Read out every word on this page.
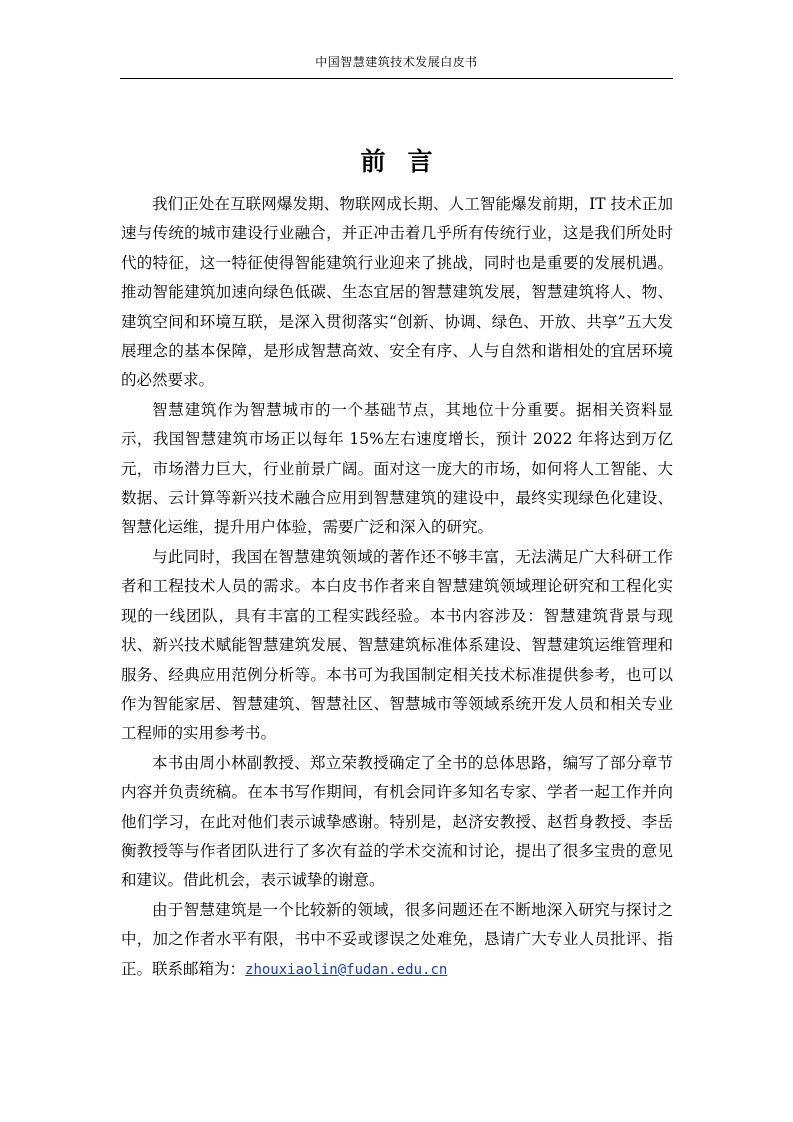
中国智慧建筑技术发展白皮书
前言

我们正处在互联网爆发期、物联网成长期、人工智能爆发前期，IT 技术正加速与传统的城市建设行业融合，并正冲击着几乎所有传统行业，这是我们所处时代的特征，这一特征使得智能建筑行业迎来了挑战，同时也是重要的发展机遇。推动智能建筑加速向绿色低碳、生态宜居的智慧建筑发展，智慧建筑将人、物、建筑空间和环境互联，是深入贯彻落实“创新、协调、绿色、开放、共享”五大发展理念的基本保障，是形成智慧高效、安全有序、人与自然和谐相处的宜居环境的必然要求。

智慧建筑作为智慧城市的一个基础节点，其地位十分重要。据相关资料显示，我国智慧建筑市场正以每年 15%左右速度增长，预计 2022 年将达到万亿元，市场潜力巨大，行业前景广阔。面对这一庞大的市场，如何将人工智能、大数据、云计算等新兴技术融合应用到智慧建筑的建设中，最终实现绿色化建设、智慧化运维，提升用户体验，需要广泛和深入的研究。

与此同时，我国在智慧建筑领域的著作还不够丰富，无法满足广大科研工作者和工程技术人员的需求。本白皮书作者来自智慧建筑领域理论研究和工程化实现的一线团队，具有丰富的工程实践经验。本书内容涉及：智慧建筑背景与现状、新兴技术赋能智慧建筑发展、智慧建筑标准体系建设、智慧建筑运维管理和服务、经典应用范例分析等。本书可为我国制定相关技术标准提供参考，也可以作为智能家居、智慧建筑、智慧社区、智慧城市等领域系统开发人员和相关专业工程师的实用参考书。

本书由周小林副教授、郑立荣教授确定了全书的总体思路，编写了部分章节内容并负责统稿。在本书写作期间，有机会同许多知名专家、学者一起工作并向他们学习，在此对他们表示诚挚感谢。特别是，赵济安教授、赵哲身教授、李岳衡教授等与作者团队进行了多次有益的学术交流和讨论，提出了很多宝贵的意见和建议。借此机会，表示诚挚的谢意。

由于智慧建筑是一个比较新的领域，很多问题还在不断地深入研究与探讨之中，加之作者水平有限，书中不妥或谬误之处难免，恳请广大专业人员批评、指正。联系邮箱为：zhouxiaolin@fudan.edu.cn
